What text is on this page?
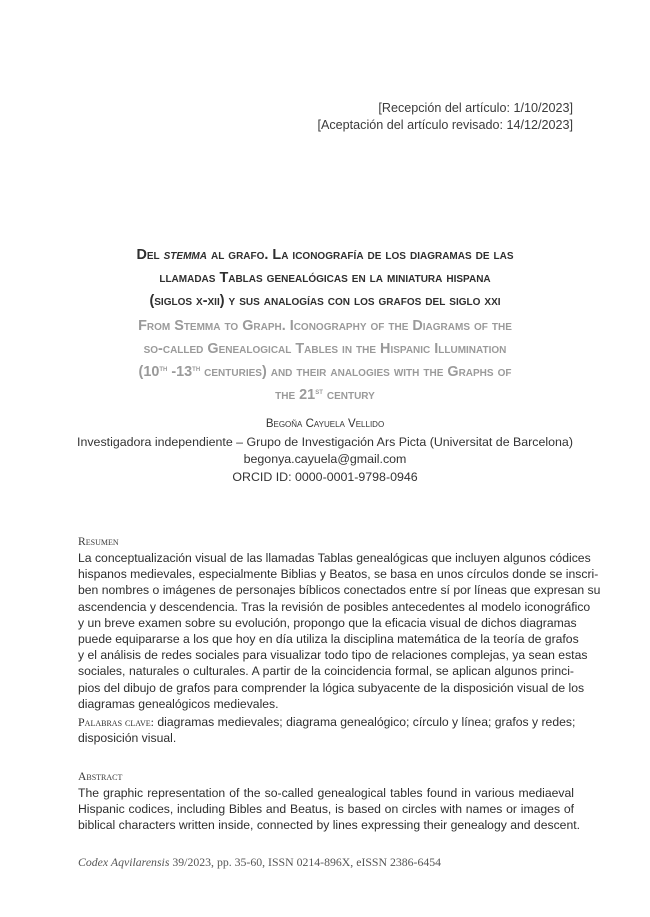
[Recepción del artículo: 1/10/2023]
[Aceptación del artículo revisado: 14/12/2023]
Del stemma al grafo. La iconografía de los diagramas de las
llamadas Tablas genealógicas en la miniatura hispana
(siglos x-xii) y sus analogías con los grafos del siglo xxi
From Stemma to Graph. Iconography of the Diagrams of the
so-called Genealogical Tables in the Hispanic Illumination
(10th -13th centuries) and their analogies with the Graphs of
the 21st century
Begoña Cayuela Vellido
Investigadora independiente – Grupo de Investigación Ars Picta (Universitat de Barcelona)
begonya.cayuela@gmail.com
ORCID ID: 0000-0001-9798-0946
Resumen
La conceptualización visual de las llamadas Tablas genealógicas que incluyen algunos códices
hispanos medievales, especialmente Biblias y Beatos, se basa en unos círculos donde se inscri-
ben nombres o imágenes de personajes bíblicos conectados entre sí por líneas que expresan su
ascendencia y descendencia. Tras la revisión de posibles antecedentes al modelo iconográfico
y un breve examen sobre su evolución, propongo que la eficacia visual de dichos diagramas
puede equipararse a los que hoy en día utiliza la disciplina matemática de la teoría de grafos
y el análisis de redes sociales para visualizar todo tipo de relaciones complejas, ya sean estas
sociales, naturales o culturales. A partir de la coincidencia formal, se aplican algunos princi-
pios del dibujo de grafos para comprender la lógica subyacente de la disposición visual de los
diagramas genealógicos medievales.
Palabras clave: diagramas medievales; diagrama genealógico; círculo y línea; grafos y redes;
disposición visual.
Abstract
The graphic representation of the so-called genealogical tables found in various mediaeval
Hispanic codices, including Bibles and Beatus, is based on circles with names or images of
biblical characters written inside, connected by lines expressing their genealogy and descent.
Codex Aqvilarensis 39/2023, pp. 35-60, ISSN 0214-896X, eISSN 2386-6454
